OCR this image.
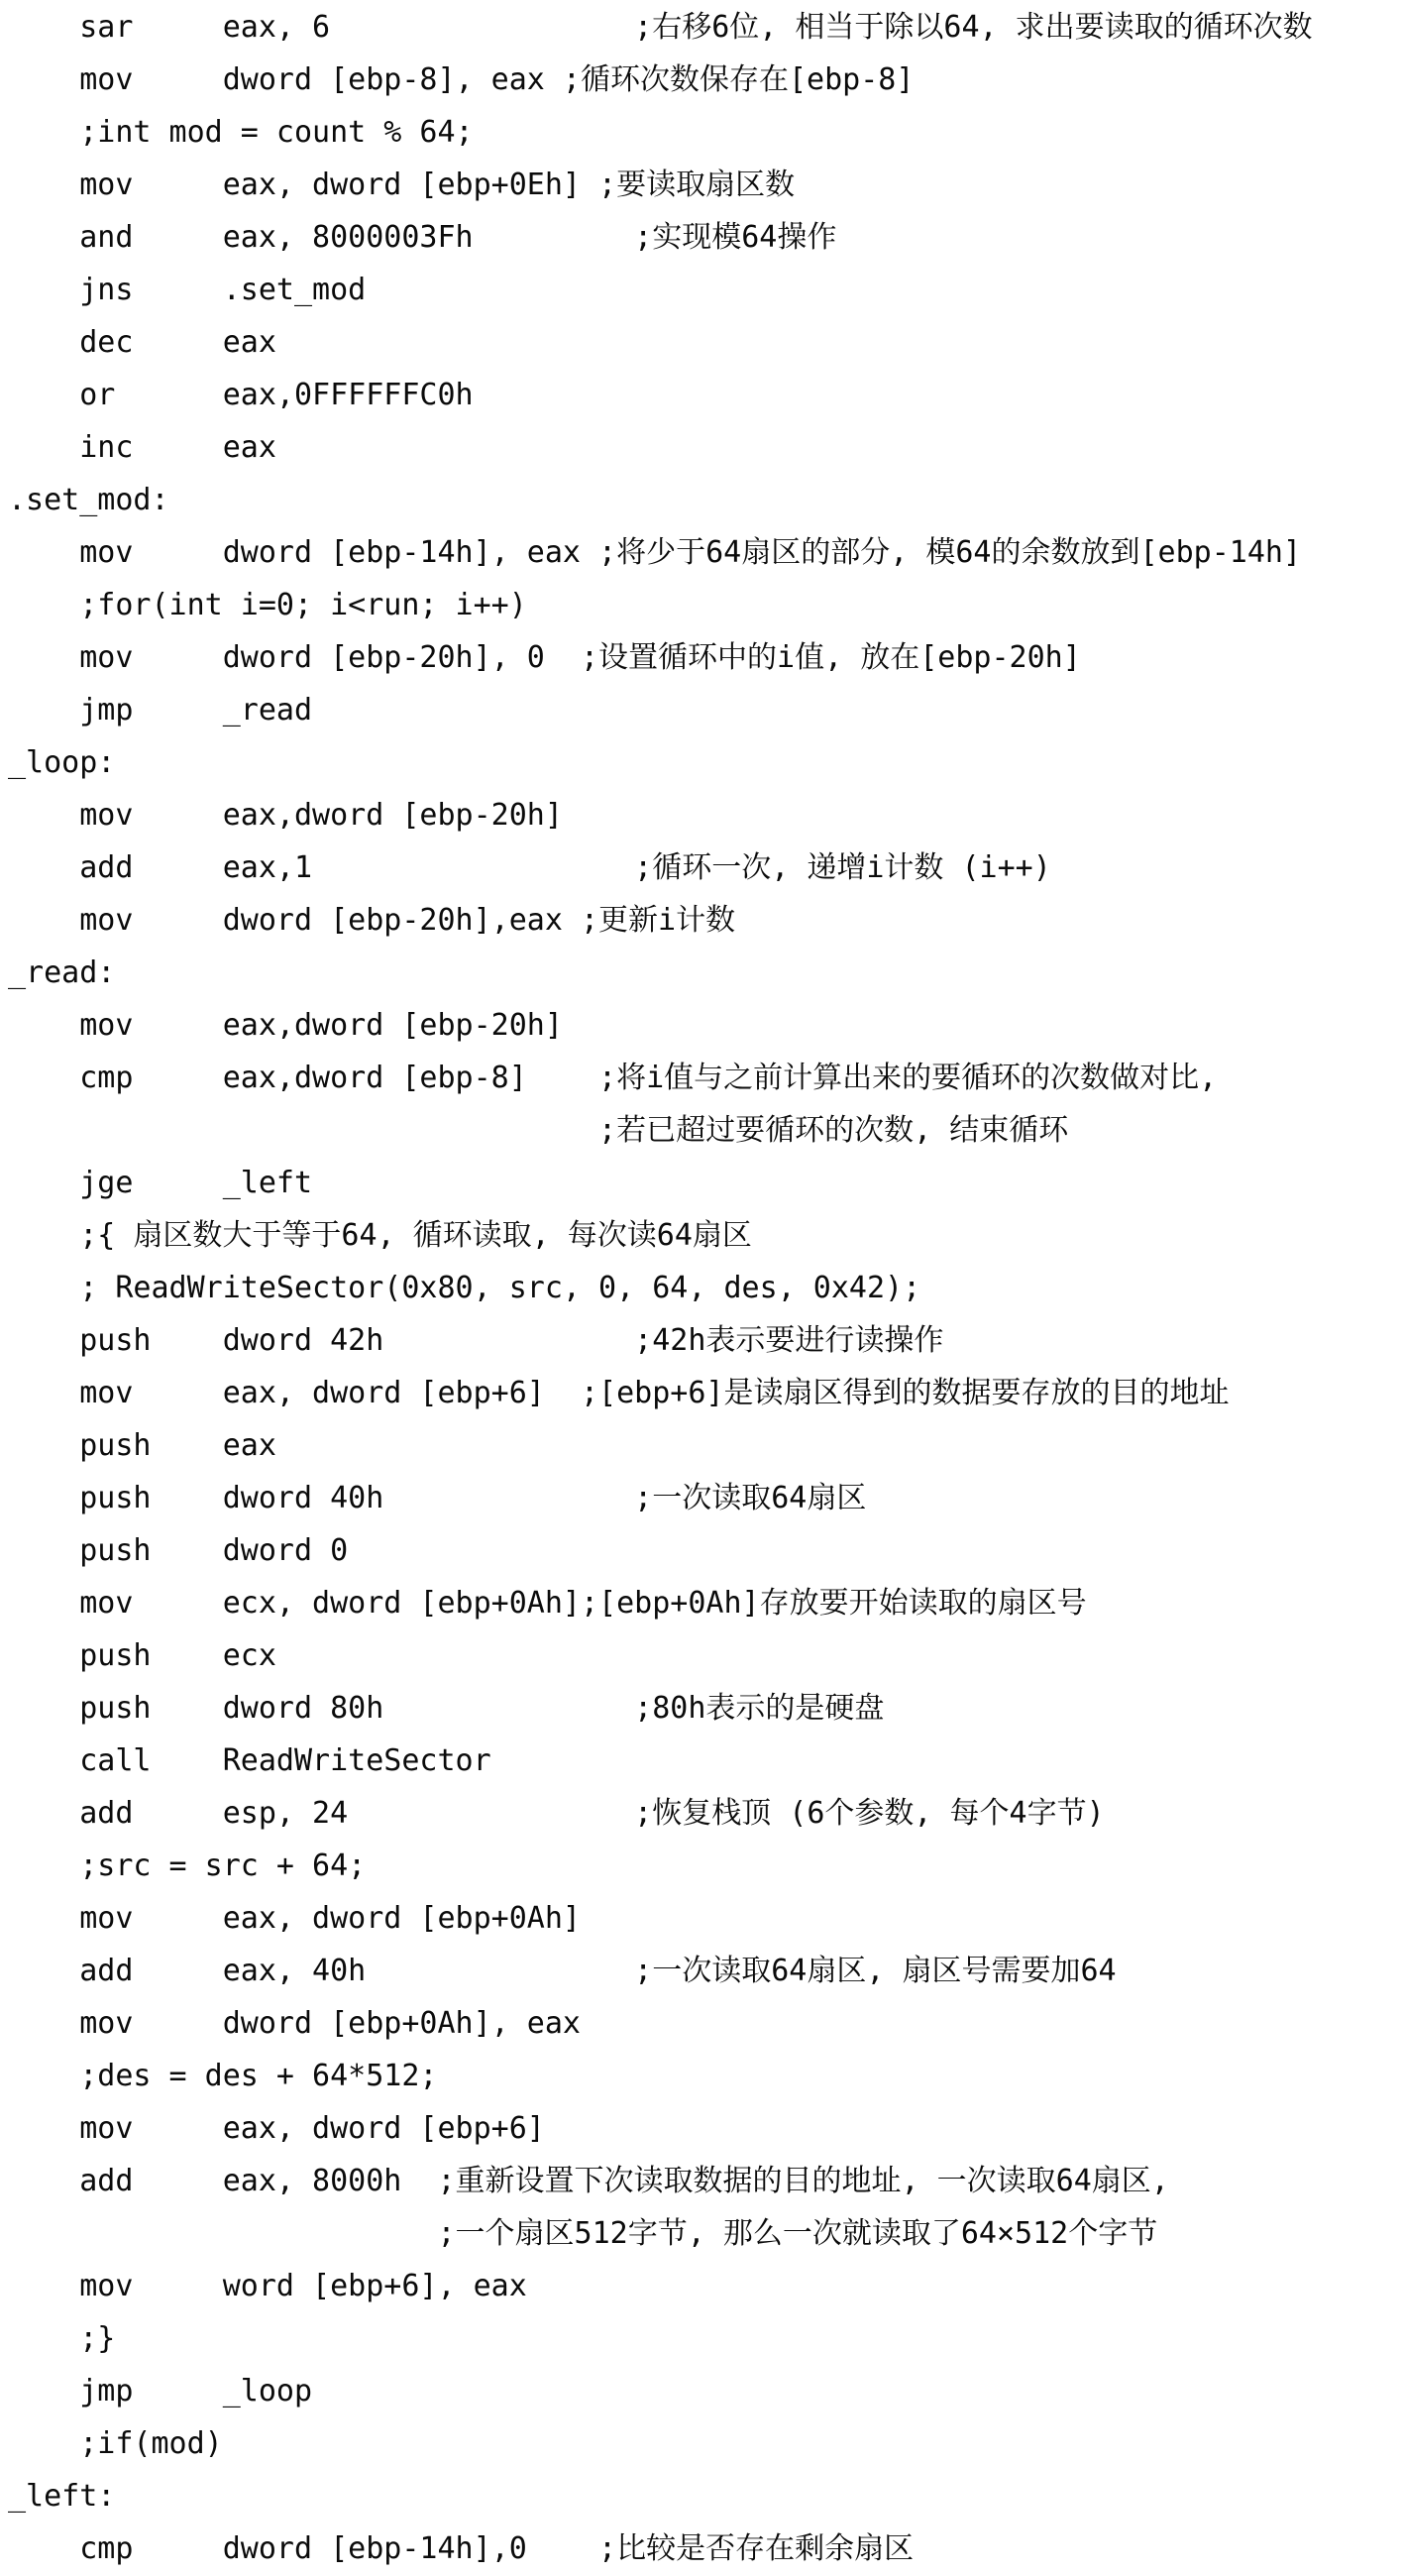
sar     eax, 6                 ;右移6位, 相当于除以64, 求出要读取的循环次数
mov     dword [ebp-8], eax ;循环次数保存在[ebp-8]
;int mod = count % 64;
mov     eax, dword [ebp+0Eh] ;要读取扇区数
and     eax, 8000003Fh         ;实现模64操作
jns     .set_mod
dec     eax
or      eax,0FFFFFFC0h
inc     eax
.set_mod:
mov     dword [ebp-14h], eax ;将少于64扇区的部分, 模64的余数放到[ebp-14h]
;for(int i=0; i<run; i++)
mov     dword [ebp-20h], 0  ;设置循环中的i值, 放在[ebp-20h]
jmp     _read
_loop:
mov     eax,dword [ebp-20h]
add     eax,1                  ;循环一次, 递增i计数 (i++)
mov     dword [ebp-20h],eax ;更新i计数
_read:
mov     eax,dword [ebp-20h]
cmp     eax,dword [ebp-8]    ;将i值与之前计算出来的要循环的次数做对比,
;若已超过要循环的次数, 结束循环
jge     _left
;{ 扇区数大于等于64, 循环读取, 每次读64扇区
; ReadWriteSector(0x80, src, 0, 64, des, 0x42);
push    dword 42h              ;42h表示要进行读操作
mov     eax, dword [ebp+6]  ;[ebp+6]是读扇区得到的数据要存放的目的地址
push    eax
push    dword 40h              ;一次读取64扇区
push    dword 0
mov     ecx, dword [ebp+0Ah];[ebp+0Ah]存放要开始读取的扇区号
push    ecx
push    dword 80h              ;80h表示的是硬盘
call    ReadWriteSector
add     esp, 24                ;恢复栈顶 (6个参数, 每个4字节)
;src = src + 64;
mov     eax, dword [ebp+0Ah]
add     eax, 40h               ;一次读取64扇区, 扇区号需要加64
mov     dword [ebp+0Ah], eax
;des = des + 64*512;
mov     eax, dword [ebp+6]
add     eax, 8000h  ;重新设置下次读取数据的目的地址, 一次读取64扇区,
;一个扇区512字节, 那么一次就读取了64×512个字节
mov     word [ebp+6], eax
;}
jmp     _loop
;if(mod)
_left:
cmp     dword [ebp-14h],0    ;比较是否存在剩余扇区
